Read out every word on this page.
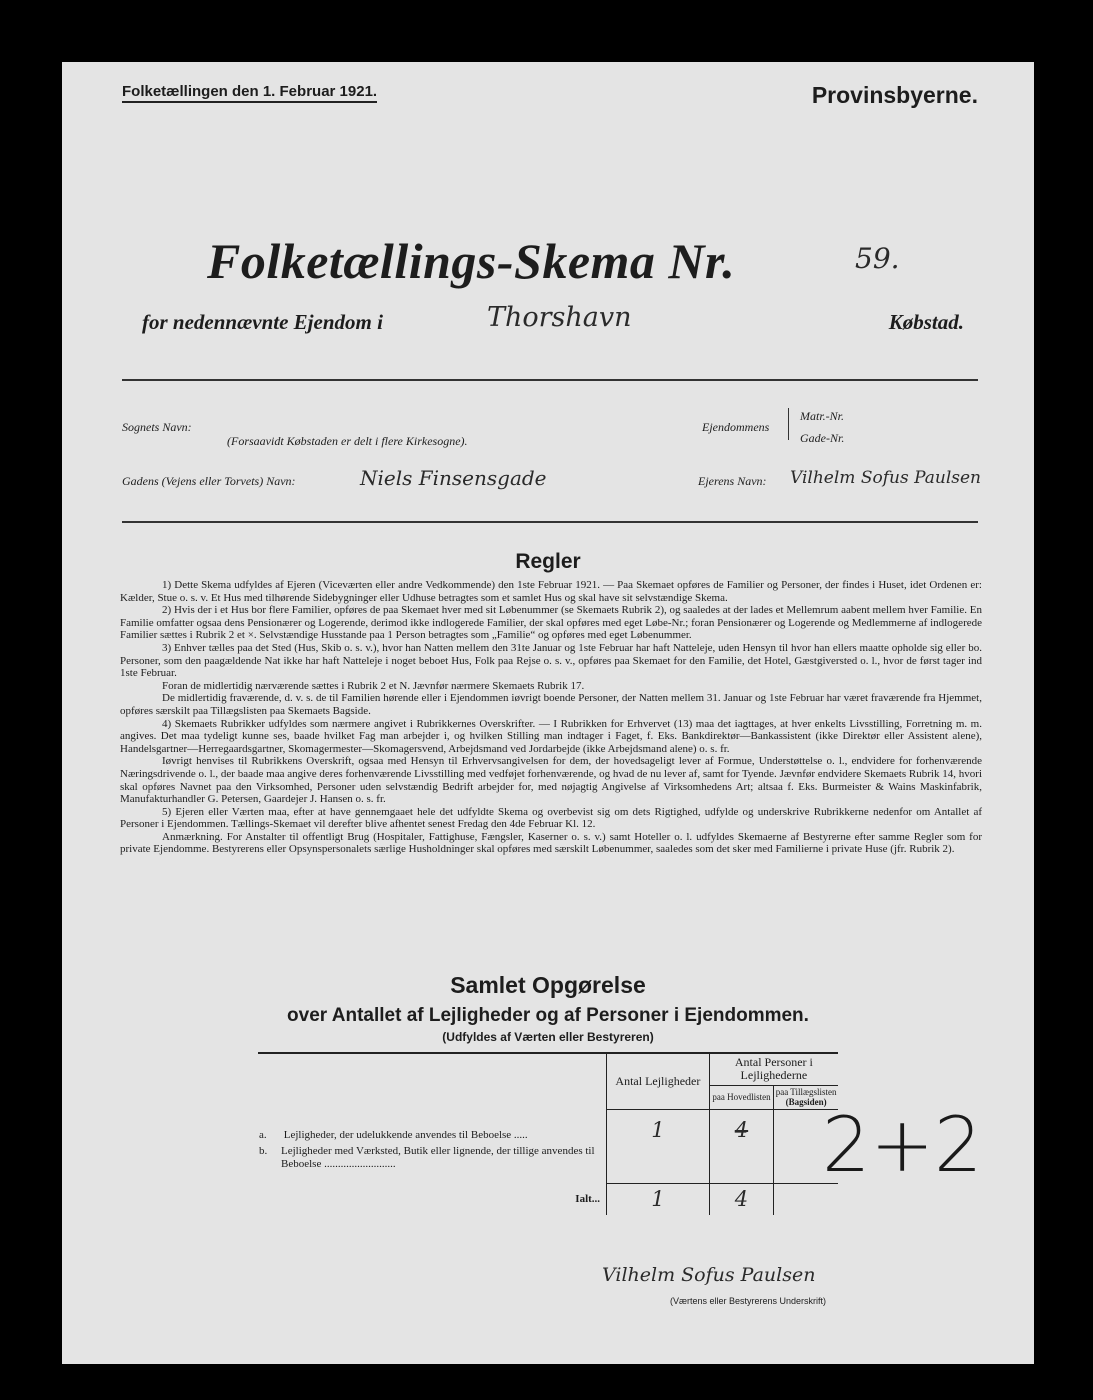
Folketællingen den 1. Februar 1921.	Provinsbyerne.
Folketællings-Skema Nr.	59.
for nedennævnte Ejendom i	Thorshavn	Købstad.
Sognets Navn:
(Forsaavidt Købstaden er delt i flere Kirkesogne).
Ejendommens
Matr.-Nr.
Gade-Nr.
Gadens (Vejens eller Torvets) Navn:	Niels Finsensgade	Ejerens Navn: Vilhelm Sofus Paulsen
Regler

1) Dette Skema udfyldes af Ejeren (Viceværten eller andre Vedkommende) den 1ste Februar 1921. — Paa Skemaet opføres de Familier og Personer, der findes i Huset, idet Ordenen er: Kælder, Stue o. s. v. Et Hus med tilhørende Sidebygninger eller Udhuse betragtes som et samlet Hus og skal have sit selvstændige Skema.

2) Hvis der i et Hus bor flere Familier, opføres de paa Skemaet hver med sit Løbenummer (se Skemaets Rubrik 2), og saaledes at der lades et Mellemrum aabent mellem hver Familie. En Familie omfatter ogsaa dens Pensionærer og Logerende, derimod ikke indlogerede Familier, der skal opføres med eget Løbe-Nr.; foran Pensionærer og Logerende og Medlemmerne af indlogerede Familier sættes i Rubrik 2 et ×. Selvstændige Husstande paa 1 Person betragtes som „Familie“ og opføres med eget Løbenummer.

3) Enhver tælles paa det Sted (Hus, Skib o. s. v.), hvor han Natten mellem den 31te Januar og 1ste Februar har haft Natteleje, uden Hensyn til hvor han ellers maatte opholde sig eller bo. Personer, som den paagældende Nat ikke har haft Natteleje i noget beboet Hus, Folk paa Rejse o. s. v., opføres paa Skemaet for den Familie, det Hotel, Gæstgiversted o. l., hvor de først tager ind 1ste Februar.

Foran de midlertidig nærværende sættes i Rubrik 2 et N. Jævnfør nærmere Skemaets Rubrik 17.

De midlertidig fraværende, d. v. s. de til Familien hørende eller i Ejendommen iøvrigt boende Personer, der Natten mellem 31. Januar og 1ste Februar har været fraværende fra Hjemmet, opføres særskilt paa Tillægslisten paa Skemaets Bagside.

4) Skemaets Rubrikker udfyldes som nærmere angivet i Rubrikkernes Overskrifter. — I Rubrikken for Erhvervet (13) maa det iagttages, at hver enkelts Livsstilling, Forretning m. m. angives. Det maa tydeligt kunne ses, baade hvilket Fag man arbejder i, og hvilken Stilling man indtager i Faget, f. Eks. Bankdirektør—Bankassistent (ikke Direktør eller Assistent alene), Handelsgartner—Herregaardsgartner, Skomagermester—Skomagersvend, Arbejdsmand ved Jordarbejde (ikke Arbejdsmand alene) o. s. fr.

Iøvrigt henvises til Rubrikkens Overskrift, ogsaa med Hensyn til Erhvervsangivelsen for dem, der hovedsageligt lever af Formue, Understøttelse o. l., endvidere for forhenværende Næringsdrivende o. l., der baade maa angive deres forhenværende Livsstilling med vedføjet forhenværende, og hvad de nu lever af, samt for Tyende. Jævnfør endvidere Skemaets Rubrik 14, hvori skal opføres Navnet paa den Virksomhed, Personer uden selvstændig Bedrift arbejder for, med nøjagtig Angivelse af Virksomhedens Art; altsaa f. Eks. Burmeister & Wains Maskinfabrik, Manufakturhandler G. Petersen, Gaardejer J. Hansen o. s. fr.

5) Ejeren eller Værten maa, efter at have gennemgaaet hele det udfyldte Skema og overbevist sig om dets Rigtighed, udfylde og underskrive Rubrikkerne nedenfor om Antallet af Personer i Ejendommen. Tællings-Skemaet vil derefter blive afhentet senest Fredag den 4de Februar Kl. 12.

Anmærkning. For Anstalter til offentligt Brug (Hospitaler, Fattighuse, Fængsler, Kaserner o. s. v.) samt Hoteller o. l. udfyldes Skemaerne af Bestyrerne efter samme Regler som for private Ejendomme. Bestyrerens eller Opsynspersonalets særlige Husholdninger skal opføres med særskilt Løbenummer, saaledes som det sker med Familierne i private Huse (jfr. Rubrik 2).

Samlet Opgørelse
over Antallet af Lejligheder og af Personer i Ejendommen.
(Udfyldes af Værten eller Bestyreren)
	Antal Lejligheder	Antal Personer i Lejlighederne	
		paa Hovedlisten	paa Tillægslisten
(Bagsiden)

a. Lejligheder, der udelukkende anvendes til Beboelse .....	1	4	

b. Lejligheder med Værksted, Butik eller lignende, der tillige anvendes til Beboelse ..........................			

Ialt...	1	4	
2+2
Vilhelm Sofus Paulsen
(Værtens eller Bestyrerens Underskrift)
